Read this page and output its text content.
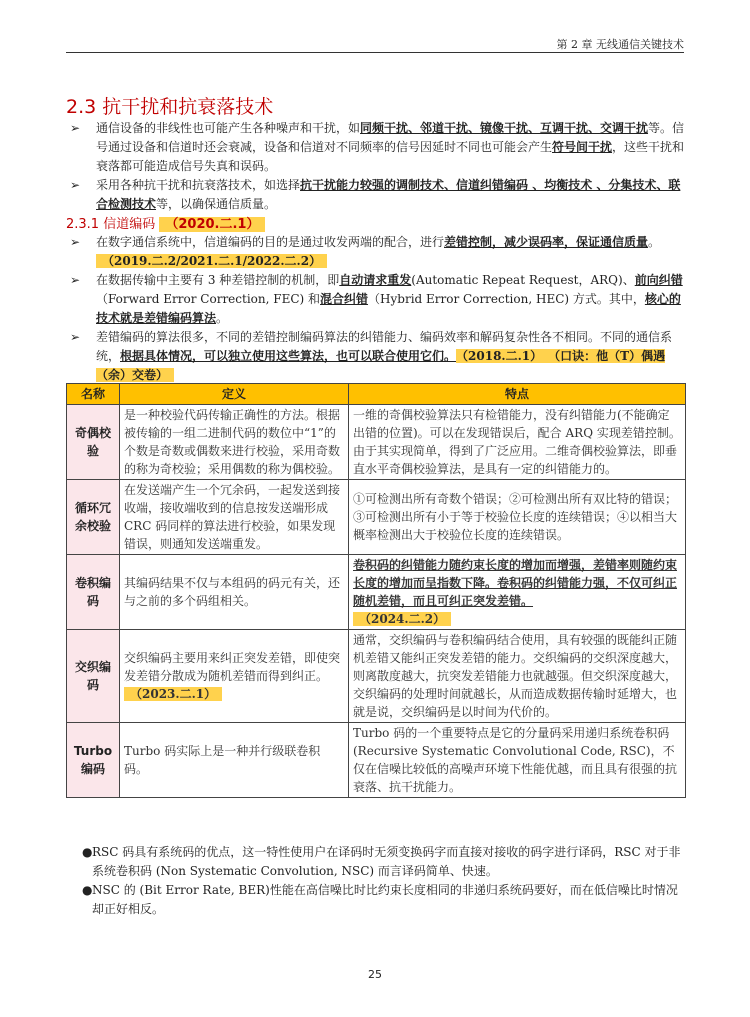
第 2 章 无线通信关键技术
2.3 抗干扰和抗衰落技术
➢	通信设备的非线性也可能产生各种噪声和干扰，如同频干扰、邻道干扰、镜像干扰、互调干扰、交调干扰等。信号通过设备和信道时还会衰减，设备和信道对不同频率的信号因延时不同也可能会产生符号间干扰，这些干扰和衰落都可能造成信号失真和误码。
➢	采用各种抗干扰和抗衰落技术，如选择抗干扰能力较强的调制技术、信道纠错编码 、均衡技术 、分集技术、联合检测技术等，以确保通信质量。
2.3.1 信道编码 （2020.二.1）
➢	在数字通信系统中，信道编码的目的是通过收发两端的配合，进行差错控制，减少误码率，保证通信质量。（2019.二.2/2021.二.1/2022.二.2）
➢	在数据传输中主要有 3 种差错控制的机制，即自动请求重发(Automatic Repeat Request，ARQ)、前向纠错（Forward Error Correction, FEC) 和混合纠错（Hybrid Error Correction, HEC) 方式。其中，核心的技术就是差错编码算法。
➢	差错编码的算法很多，不同的差错控制编码算法的纠错能力、编码效率和解码复杂性各不相同。不同的通信系统，根据具体情况，可以独立使用这些算法，也可以联合使用它们。 （2018.二.1） （口诀：他（T）偶遇（余）交卷）
名称	定义	特点
奇偶校验	是一种校验代码传输正确性的方法。根据被传输的一组二进制代码的数位中“1”的个数是奇数或偶数来进行校验，采用奇数的称为奇校验；采用偶数的称为偶校验。	一维的奇偶校验算法只有检错能力，没有纠错能力(不能确定出错的位置)。可以在发现错误后，配合 ARQ 实现差错控制。由于其实现简单，得到了广泛应用。二维奇偶校验算法，即垂直水平奇偶校验算法，是具有一定的纠错能力的。
循环冗余校验	在发送端产生一个冗余码，一起发送到接收端，接收端收到的信息按发送端形成 CRC 码同样的算法进行校验，如果发现错误，则通知发送端重发。	①可检测出所有奇数个错误；②可检测出所有双比特的错误；③可检测出所有小于等于校验位长度的连续错误；④以相当大概率检测出大于校验位长度的连续错误。
卷积编码	其编码结果不仅与本组码的码元有关，还与之前的多个码组相关。	卷积码的纠错能力随约束长度的增加而增强，差错率则随约束长度的增加而呈指数下降。卷积码的纠错能力强，不仅可纠正随机差错，而且可纠正突发差错。
（2024.二.2）
交织编码	交织编码主要用来纠正突发差错，即使突发差错分散成为随机差错而得到纠正。（2023.二.1）	通常，交织编码与卷积编码结合使用，具有较强的既能纠正随机差错又能纠正突发差错的能力。交织编码的交织深度越大，则离散度越大，抗突发差错能力也就越强。但交织深度越大，交织编码的处理时间就越长，从而造成数据传输时延增大，也就是说，交织编码是以时间为代价的。
Turbo编码	Turbo 码实际上是一种并行级联卷积码。	Turbo 码的一个重要特点是它的分量码采用递归系统卷积码(Recursive Systematic Convolutional Code, RSC)，不仅在信噪比较低的高噪声环境下性能优越，而且具有很强的抗衰落、抗干扰能力。
● RSC 码具有系统码的优点，这一特性使用户在译码时无须变换码字而直接对接收的码字进行译码，RSC 对于非系统卷积码 (Non Systematic Convolution, NSC) 而言译码简单、快速。
● NSC 的 (Bit Error Rate, BER)性能在高信噪比时比约束长度相同的非递归系统码要好，而在低信噪比时情况却正好相反。
25
